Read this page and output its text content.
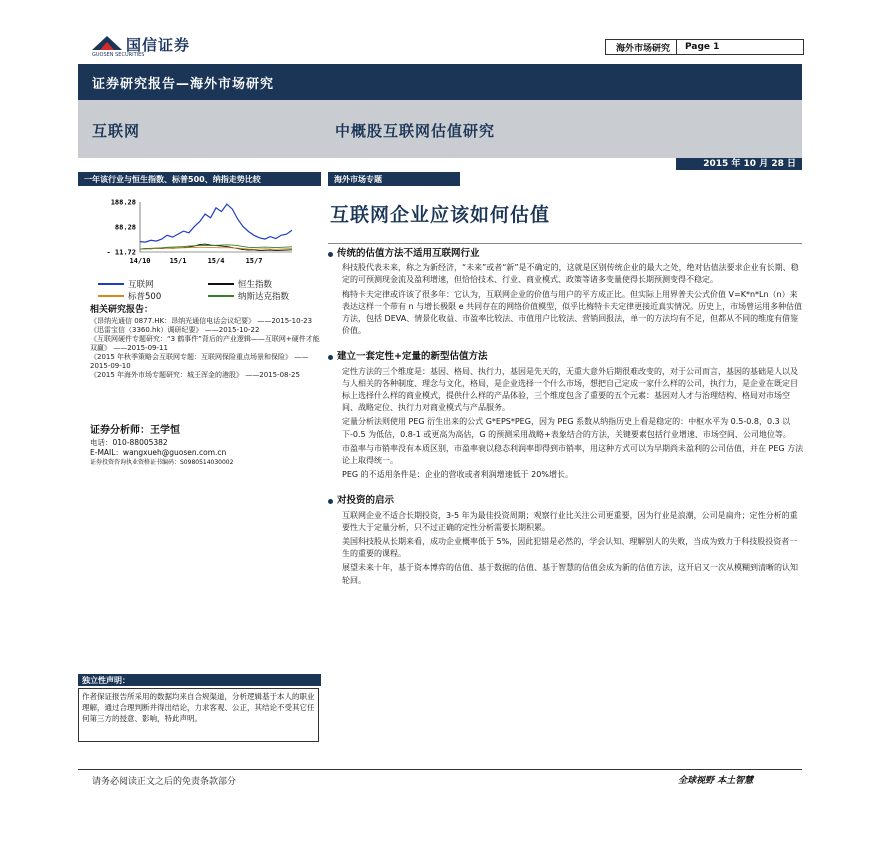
国信证券
GUOSEN SECURITIES
海外市场研究	Page 1
证券研究报告—海外市场研究
互联网	中概股互联网估值研究
2015 年 10 月 28 日
一年该行业与恒生指数、标普500、纳指走势比较
188.28
88.28
- 11.72
14/10	15/1	15/4	15/7
互联网	恒生指数
标普500	纳斯达克指数
相关研究报告：

《昂纳光通信 0877.HK：昂纳光通信电话会议纪要》 ——2015-10-23

《迅雷宝信（3360.hk）调研纪要》 ——2015-10-22

《互联网硬件专题研究：“3 鹤事件”背后的产业逻辑——互联网+硬件才能双赢》 ——2015-09-11

《2015 年秋季策略会互联网专题：互联网保险重点场景和保险》 ——2015-09-10

《2015 年海外市场专题研究：城王浑金的港股》 ——2015-08-25

证券分析师：王学恒

电话：010-88005382

E-MAIL：wangxueh@guosen.com.cn

证券投资咨询执业资格证书编码：S0980514030002

独立性声明：
作者保证报告所采用的数据均来自合规渠道，分析逻辑基于本人的职业理解，通过合理判断并得出结论，力求客观、公正，其结论不受其它任何第三方的授意、影响，特此声明。
海外市场专题
互联网企业应该如何估值
传统的估值方法不适用互联网行业

科技股代表未来，称之为新经济，“未来”或者“新”是不确定的，这就是区别传统企业的最大之处，绝对估值法要求企业有长期、稳定的可预测现金流及盈利增速，但恰恰技术、行业、商业模式、政策等诸多变量使得长期预测变得不稳定。

梅特卡夫定律或许该了很多年：它认为，互联网企业的价值与用户的平方成正比。但实际上用界普夫公式价值 V=K*n*Ln（n）来表达这样一个带有 n 与增长极限 e 共同存在的网络价值模型，似乎比梅特卡夫定律更接近真实情况。历史上，市场曾运用多种估值方法，包括 DEVA、情景化收益、市盈率比较法、市值用户比较法、营销回报法，单一的方法均有不足，但都从不同的维度有借鉴价值。

建立一套定性+定量的新型估值方法

定性方法的三个维度是：基因、格局、执行力，基因是先天的，无重大意外后期很难改变的，对于公司而言，基因的基础是人以及与人相关的各种制度、理念与文化，格局，是企业选择一个什么市场，想把自己定成一家什么样的公司，执行力，是企业在既定目标上选择什么样的商业模式，提供什么样的产品体验，三个维度包含了重要的五个元素：基因对人才与治理结构、格局对市场空间、战略定位、执行力对商业模式与产品服务。

定量分析法则使用 PEG 衍生出来的公式 G*EPS*PEG，因为 PEG 系数从纳指历史上看是稳定的：中枢水平为 0.5-0.8，0.3 以下-0.5 为低估，0.8-1 或更高为高估，G 的预测采用战略+表象结合的方法，关键要素包括行业增速、市场空间、公司地位等。

市盈率与市销率没有本质区别，市盈率衰以稳态利润率即得到市销率，用这种方式可以为早期尚未盈利的公司估值，并在 PEG 方法论上取得统一。

PEG 的不适用条件是：企业的营收或者利润增速低于 20%增长。

对投资的启示

互联网企业不适合长期投资，3-5 年为最佳投资周期；观察行业比关注公司更重要，因为行业是浪潮，公司是扁舟；定性分析的重要性大于定量分析，只不过正确的定性分析需要长期积累。

美国科技股从长期来看，成功企业概率低于 5%，因此犯错是必然的，学会认知、理解别人的失败，当成为致力于科技股投资者一生的重要的课程。

展望未来十年，基于资本博弈的估值、基于数据的估值、基于智慧的估值会成为新的估值方法，这开启又一次从模糊到清晰的认知轮回。

请务必阅读正文之后的免责条款部分	全球视野 本土智慧
